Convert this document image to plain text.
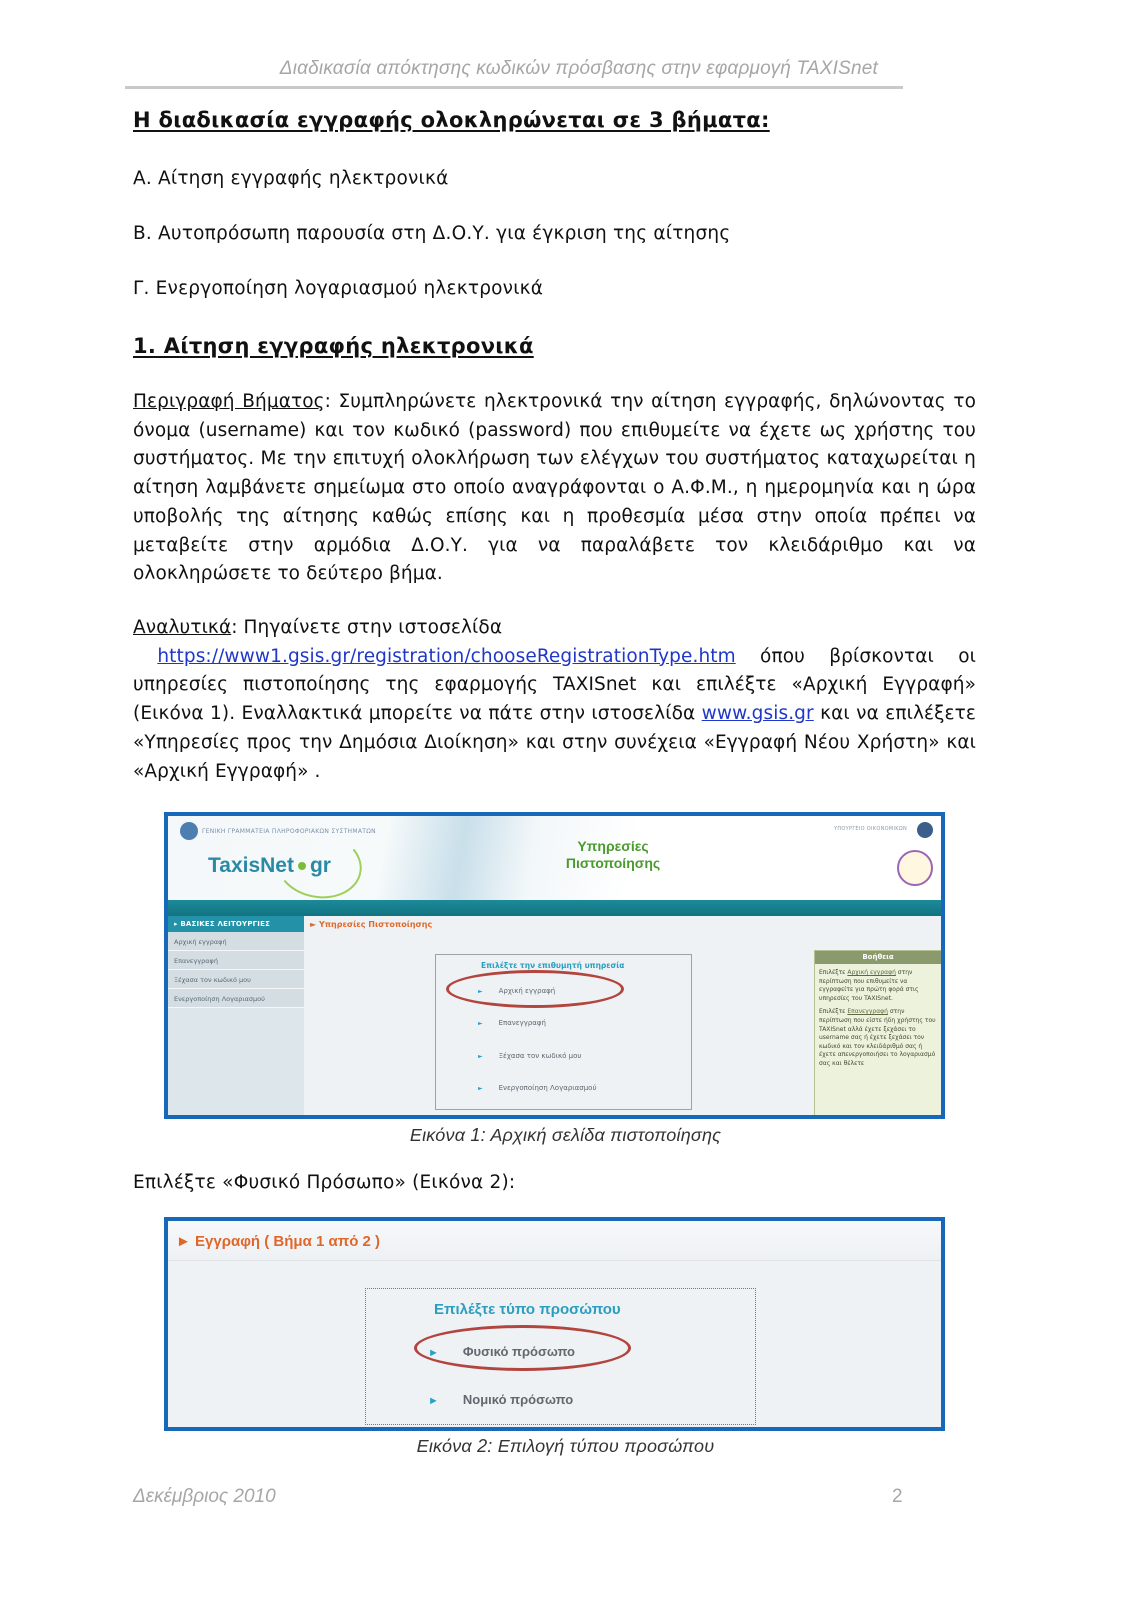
Διαδικασία απόκτησης κωδικών πρόσβασης στην εφαρμογή TAXISnet
Η διαδικασία εγγραφής ολοκληρώνεται σε 3 βήματα:
Α. Αίτηση εγγραφής ηλεκτρονικά
Β. Αυτοπρόσωπη παρουσία στη Δ.Ο.Υ. για έγκριση της αίτησης
Γ. Ενεργοποίηση λογαριασμού ηλεκτρονικά
1. Αίτηση εγγραφής ηλεκτρονικά
Περιγραφή Βήματος: Συμπληρώνετε ηλεκτρονικά την αίτηση εγγραφής, δηλώνοντας το όνομα (username) και τον κωδικό (password) που επιθυμείτε να έχετε ως χρήστης του συστήματος. Με την επιτυχή ολοκλήρωση των ελέγχων του συστήματος καταχωρείται η αίτηση λαμβάνετε σημείωμα στο οποίο αναγράφονται ο Α.Φ.Μ., η ημερομηνία και η ώρα υποβολής της αίτησης καθώς επίσης και η προθεσμία μέσα στην οποία πρέπει να μεταβείτε στην αρμόδια Δ.Ο.Υ. για να παραλάβετε τον κλειδάριθμο και να ολοκληρώσετε το δεύτερο βήμα.
Αναλυτικά: Πηγαίνετε στην ιστοσελίδα
https://www1.gsis.gr/registration/chooseRegistrationType.htm όπου βρίσκονται οι υπηρεσίες πιστοποίησης της εφαρμογής TAXISnet και επιλέξτε «Αρχική Εγγραφή» (Εικόνα 1). Εναλλακτικά μπορείτε να πάτε στην ιστοσελίδα www.gsis.gr και να επιλέξετε «Υπηρεσίες προς την Δημόσια Διοίκηση» και στην συνέχεια «Εγγραφή Νέου Χρήστη» και «Αρχική Εγγραφή» .
ΓΕΝΙΚΗ ΓΡΑΜΜΑΤΕΙΑ ΠΛΗΡΟΦΟΡΙΑΚΩΝ ΣΥΣΤΗΜΑΤΩΝ
TaxisNet gr
Υπηρεσίες
Πιστοποίησης
ΥΠΟΥΡΓΕΙΟ ΟΙΚΟΝΟΜΙΚΩΝ
▸ ΒΑΣΙΚΕΣ ΛΕΙΤΟΥΡΓΙΕΣ
Αρχική εγγραφή
Επανεγγραφή
Ξέχασα τον κωδικό μου
Ενεργοποίηση Λογαριασμού
► Υπηρεσίες Πιστοποίησης
Επιλέξτε την επιθυμητή υπηρεσία
► Αρχική εγγραφή
► Επανεγγραφή
► Ξέχασα τον κωδικό μου
► Ενεργοποίηση Λογαριασμού
Βοήθεια
Επιλέξτε Αρχική εγγραφή στην περίπτωση που επιθυμείτε να εγγραφείτε για πρώτη φορά στις υπηρεσίες του TAXISnet.
Επιλέξτε Επανεγγραφή στην περίπτωση που είστε ήδη χρήστης του TAXISnet αλλά έχετε ξεχάσει το username σας ή έχετε ξεχάσει τον κωδικό και τον κλειδάριθμό σας ή έχετε απενεργοποιήσει το λογαριασμό σας και θέλετε
Εικόνα 1: Αρχική σελίδα πιστοποίησης
Επιλέξτε «Φυσικό Πρόσωπο» (Εικόνα 2):
► Εγγραφή ( Βήμα 1 από 2 )
Επιλέξτε τύπο προσώπου
► Φυσικό πρόσωπο
► Νομικό πρόσωπο
Εικόνα 2: Επιλογή τύπου προσώπου
Δεκέμβριος 2010	2
